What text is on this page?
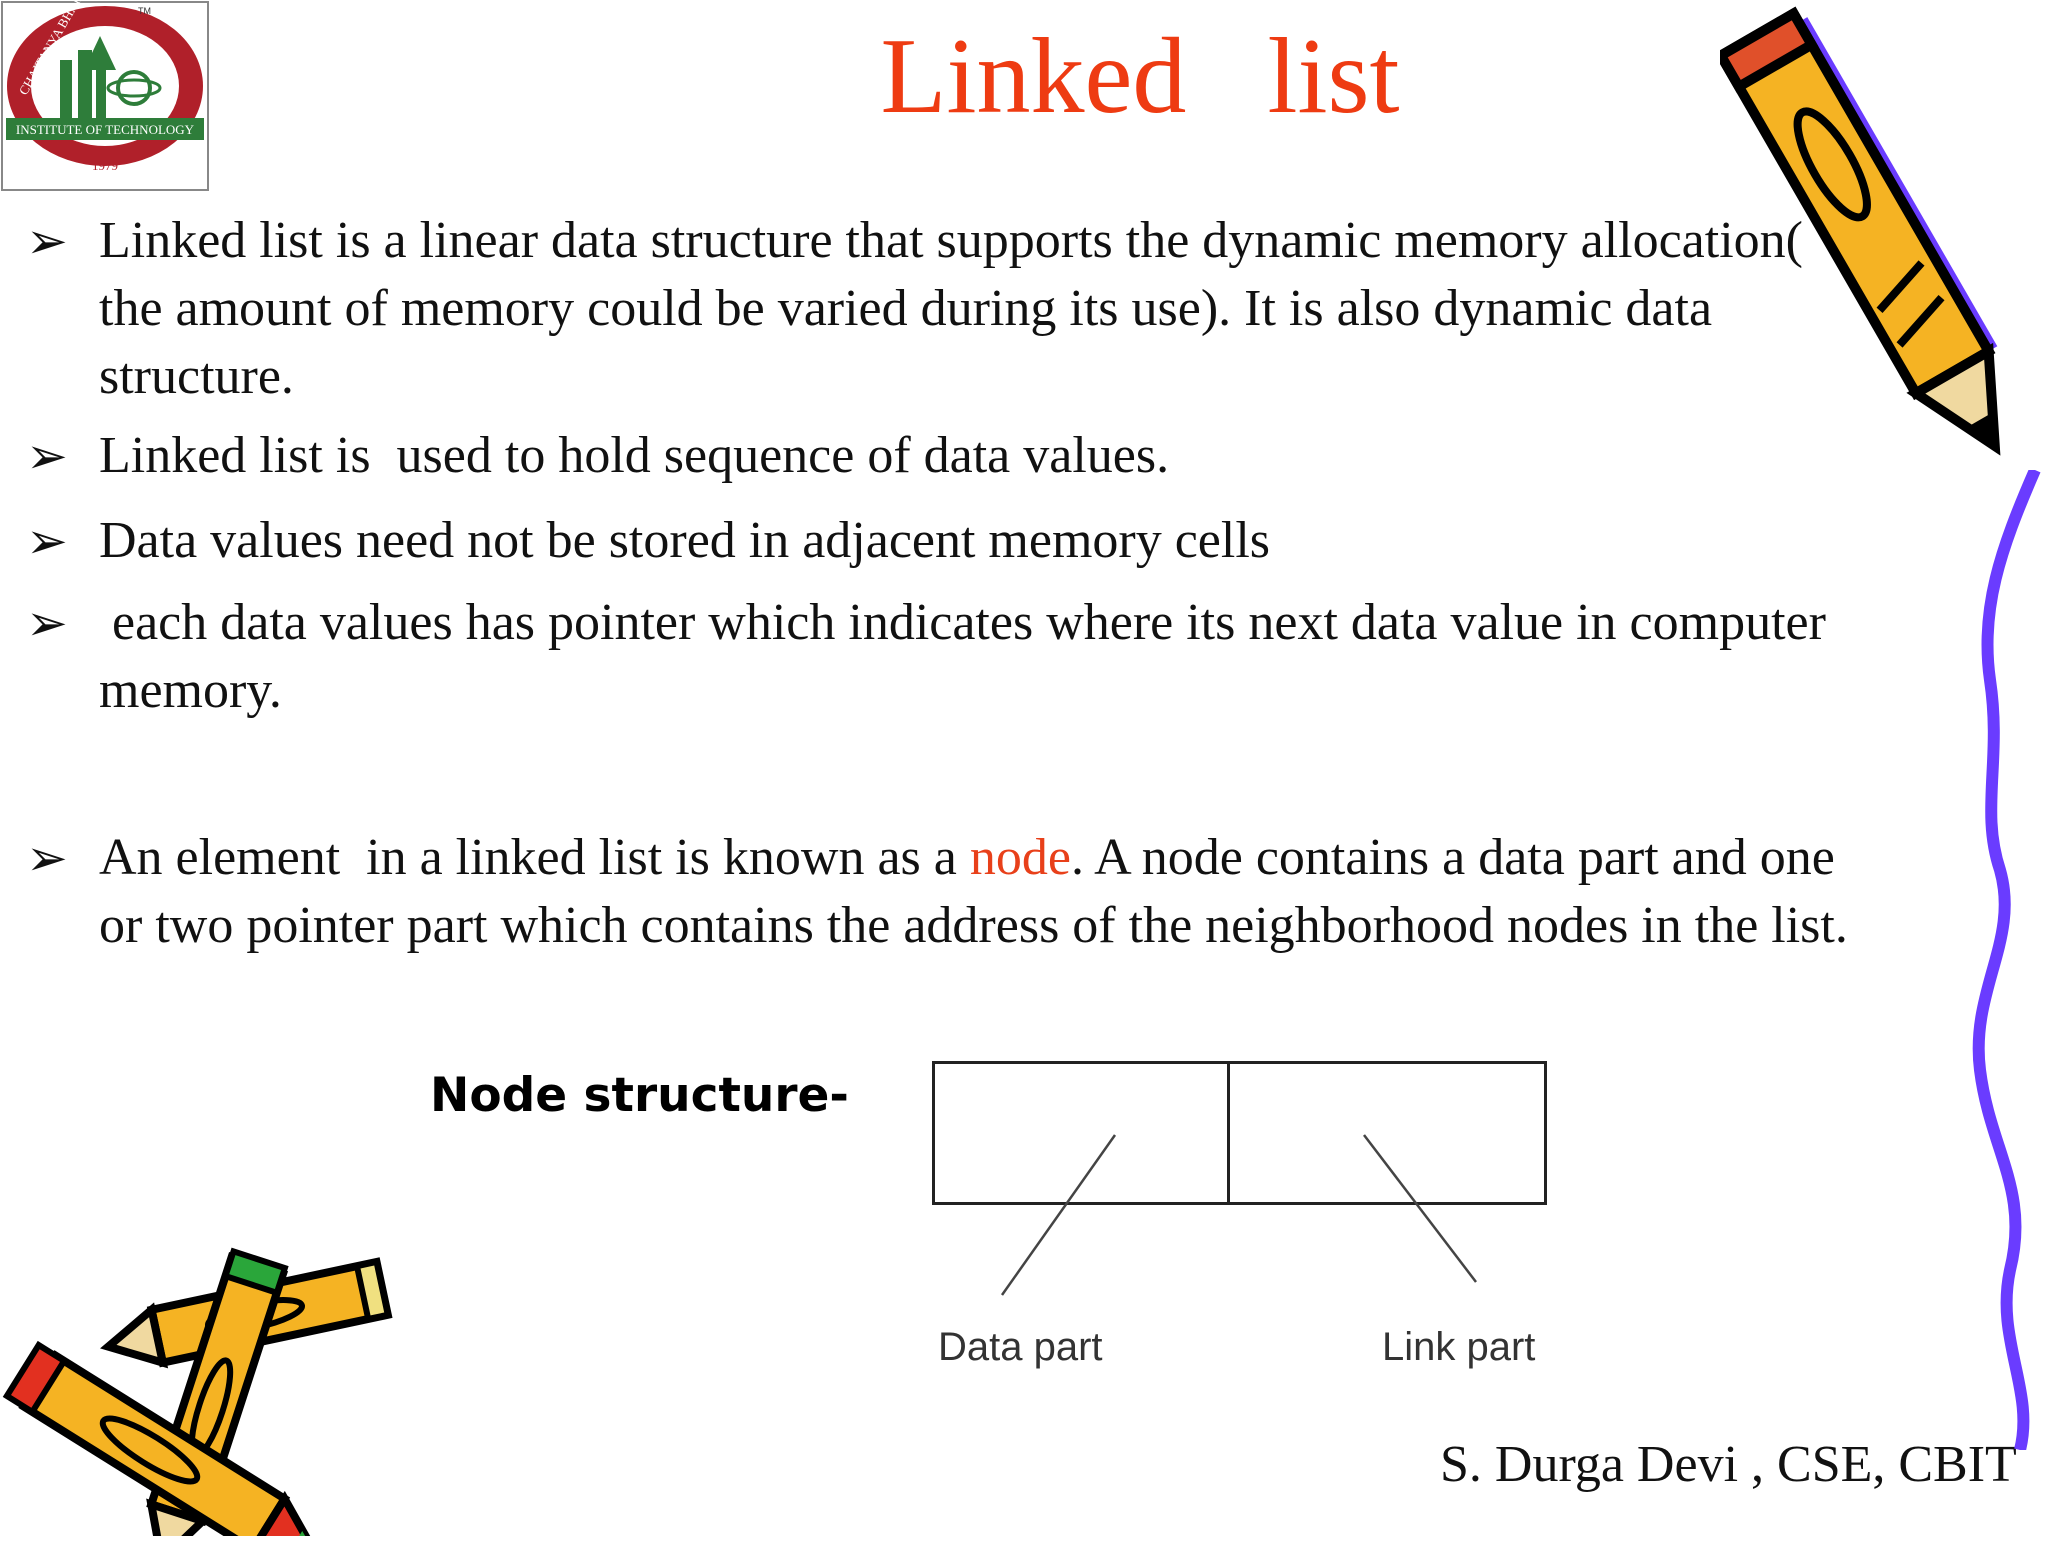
CHAITANYA
TM
INSTITUTE OF TECHNOLOGY
1979
Linked list
➢ Linked list is a linear data structure that supports the dynamic memory allocation(
the amount of memory could be varied during its use). It is also dynamic data
structure.
➢ Linked list is  used to hold sequence of data values.
➢ Data values need not be stored in adjacent memory cells
➢ each data values has pointer which indicates where its next data value in computer
memory.
➢ An element  in a linked list is known as a node. A node contains a data part and one
or two pointer part which contains the address of the neighborhood nodes in the list.
Node structure-
Data part	Link part
S. Durga Devi , CSE, CBIT
